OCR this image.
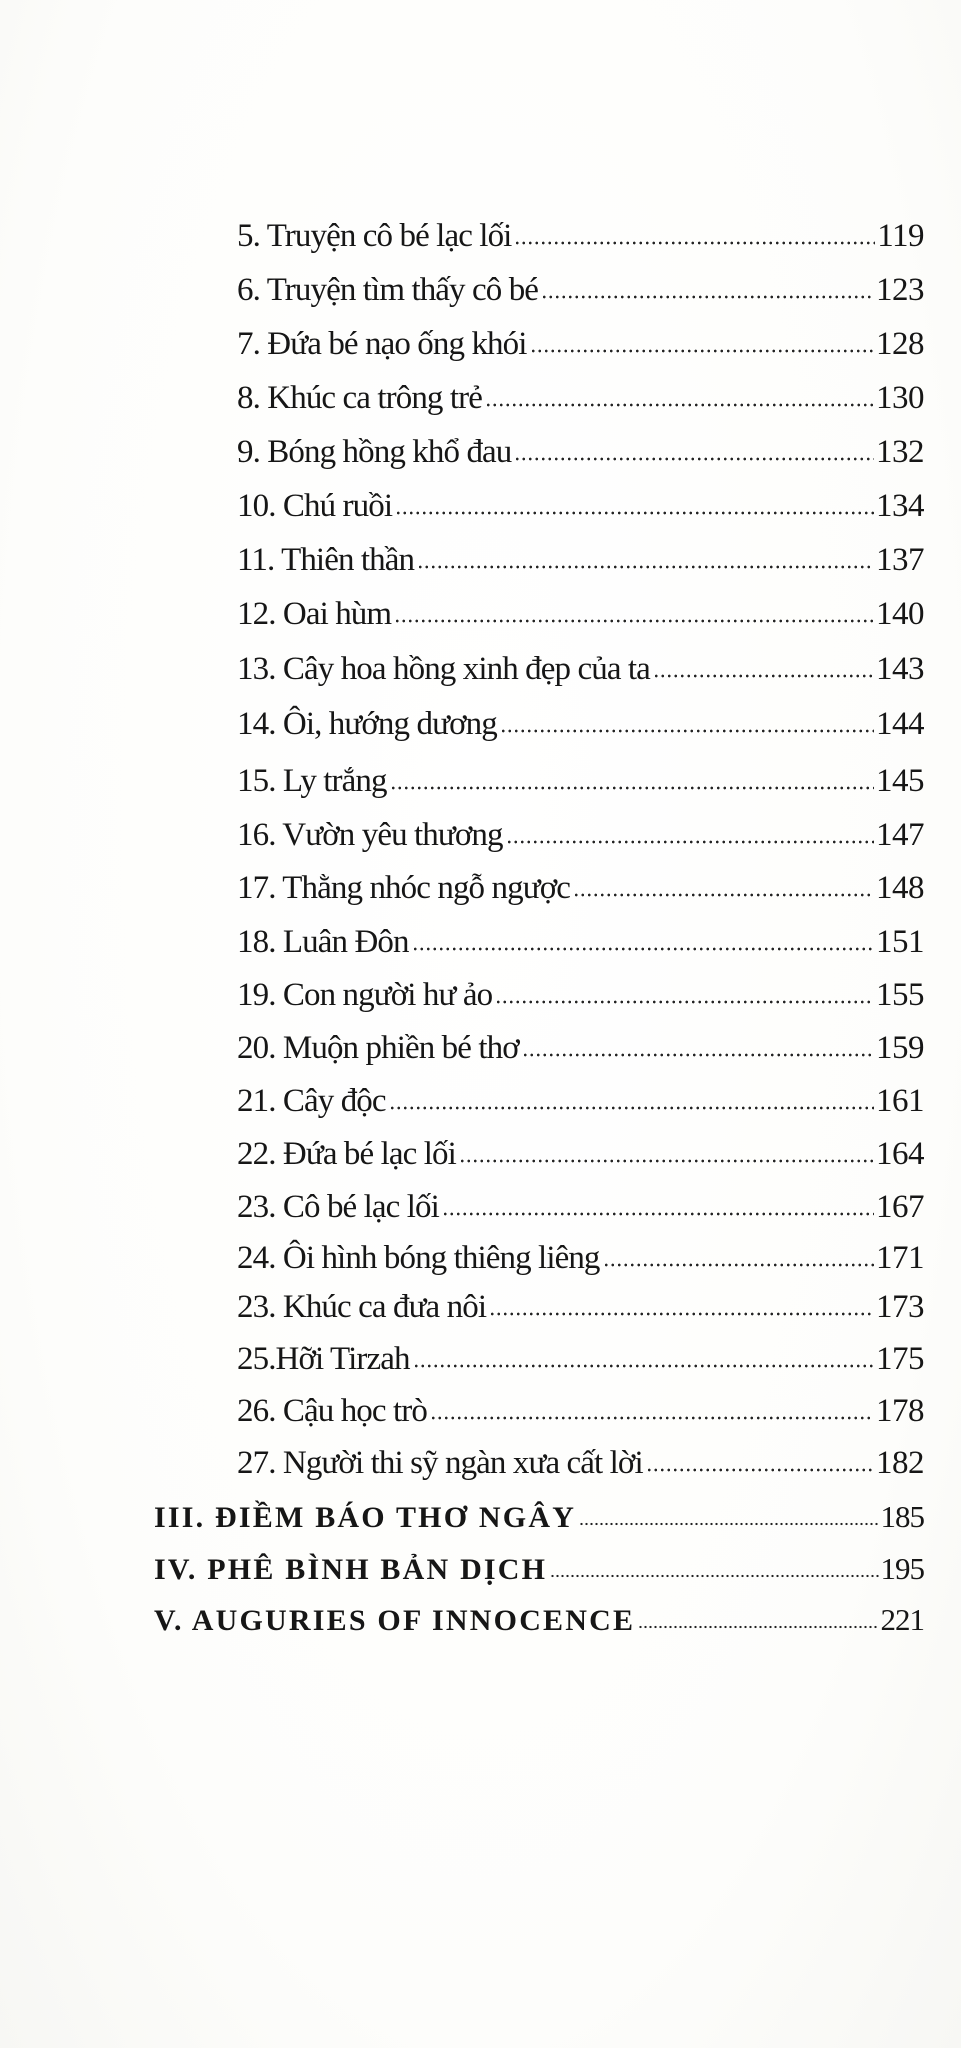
5. Truyện cô bé lạc lối	119
6. Truyện tìm thấy cô bé	123
7. Đứa bé nạo ống khói	128
8. Khúc ca trông trẻ	130
9. Bóng hồng khổ đau	132
10. Chú ruồi	134
11. Thiên thần	137
12. Oai hùm	140
13. Cây hoa hồng xinh đẹp của ta	143
14. Ôi, hướng dương	144
15. Ly trắng	145
16. Vườn yêu thương	147
17. Thằng nhóc ngỗ ngược	148
18. Luân Đôn	151
19. Con người hư ảo	155
20. Muộn phiền bé thơ	159
21. Cây độc	161
22. Đứa bé lạc lối	164
23. Cô bé lạc lối	167
24. Ôi hình bóng thiêng liêng	171
23. Khúc ca đưa nôi	173
25.Hỡi Tirzah	175
26. Cậu học trò	178
27. Người thi sỹ ngàn xưa cất lời	182
III. ĐIỀM BÁO THƠ NGÂY	185
IV. PHÊ BÌNH BẢN DỊCH	195
V. AUGURIES OF INNOCENCE	221
